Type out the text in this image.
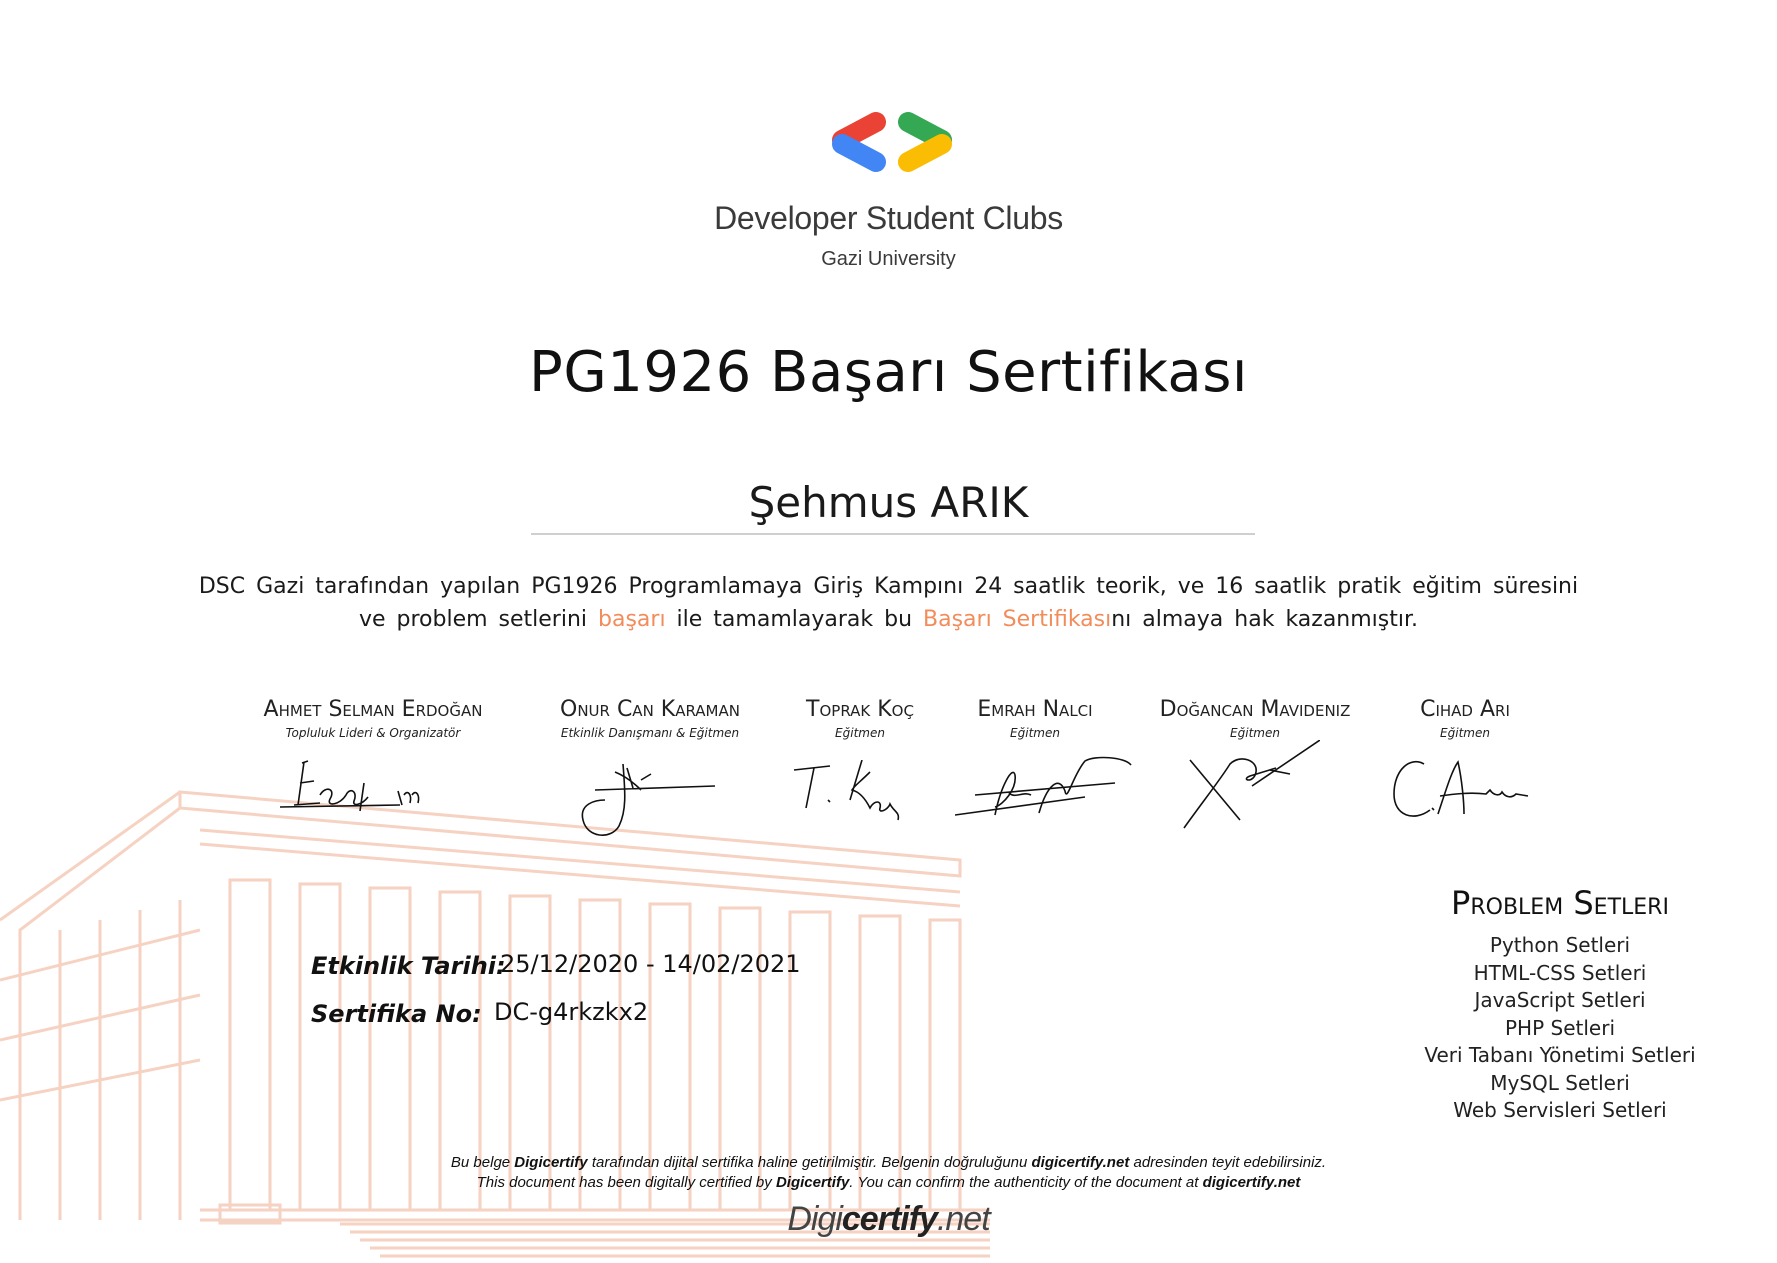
Developer Student Clubs
Gazi University
PG1926 Başarı Sertifikası
Şehmus ARIK
DSC Gazi tarafından yapılan PG1926 Programlamaya Giriş Kampını 24 saatlik teorik, ve 16 saatlik pratik eğitim süresini
ve problem setlerini başarı ile tamamlayarak bu Başarı Sertifikasını almaya hak kazanmıştır.
Ahmet Selman Erdoğan
Topluluk Lideri & Organizatör
Onur Can Karaman
Etkinlik Danışmanı & Eğitmen
Toprak Koç
Eğitmen
Emrah Nalcı
Eğitmen
Doğancan Mavideniz
Eğitmen
Cihad Arı
Eğitmen
Etkinlik Tarihi:
25/12/2020 - 14/02/2021
Sertifika No: DC-g4rkzkx2
Problem Setleri
Python Setleri
HTML-CSS Setleri
JavaScript Setleri
PHP Setleri
Veri Tabanı Yönetimi Setleri
MySQL Setleri
Web Servisleri Setleri
Bu belge Digicertify tarafından dijital sertifika haline getirilmiştir. Belgenin doğruluğunu digicertify.net adresinden teyit edebilirsiniz.
This document has been digitally certified by Digicertify. You can confirm the authenticity of the document at digicertify.net
Digicertify.net
